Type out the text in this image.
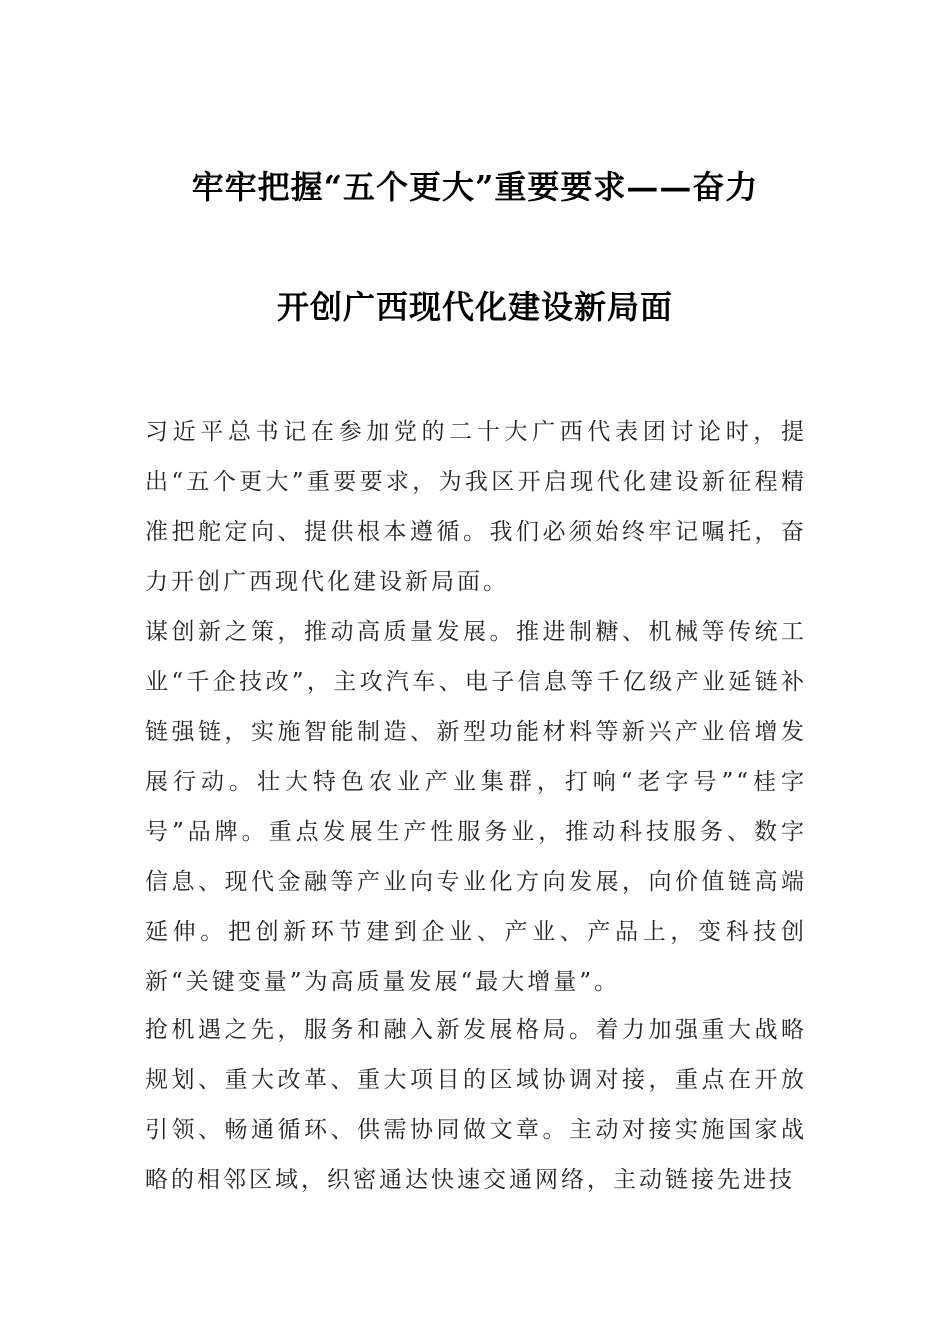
牢牢把握“五个更大”重要要求——奋力
开创广西现代化建设新局面

习近平总书记在参加党的二十大广西代表团讨论时，提出“五个更大”重要要求，为我区开启现代化建设新征程精准把舵定向、提供根本遵循。我们必须始终牢记嘱托，奋力开创广西现代化建设新局面。

谋创新之策，推动高质量发展。推进制糖、机械等传统工业“千企技改”，主攻汽车、电子信息等千亿级产业延链补链强链，实施智能制造、新型功能材料等新兴产业倍增发展行动。壮大特色农业产业集群，打响“老字号”“桂字号”品牌。重点发展生产性服务业，推动科技服务、数字信息、现代金融等产业向专业化方向发展，向价值链高端延伸。把创新环节建到企业、产业、产品上，变科技创新“关键变量”为高质量发展“最大增量”。

抢机遇之先，服务和融入新发展格局。着力加强重大战略规划、重大改革、重大项目的区域协调对接，重点在开放引领、畅通循环、供需协同做文章。主动对接实施国家战略的相邻区域，织密通达快速交通网络，主动链接先进技
